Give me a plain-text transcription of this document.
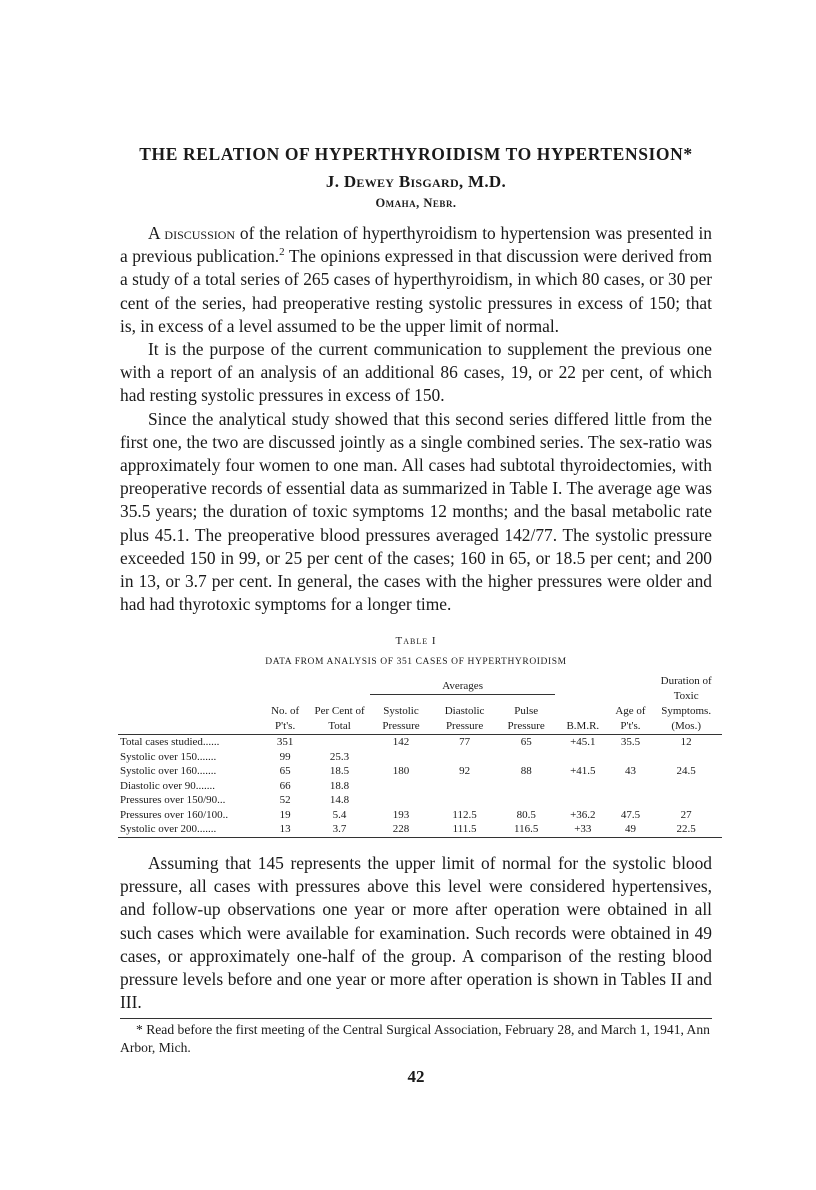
THE RELATION OF HYPERTHYROIDISM TO HYPERTENSION*
J. Dewey Bisgard, M.D.
Omaha, Nebr.

A discussion of the relation of hyperthyroidism to hypertension was presented in a previous publication.$^2$ The opinions expressed in that discussion were derived from a study of a total series of 265 cases of hyperthyroidism, in which 80 cases, or 30 per cent of the series, had preoperative resting systolic pressures in excess of 150; that is, in excess of a level assumed to be the upper limit of normal.

It is the purpose of the current communication to supplement the previous one with a report of an analysis of an additional 86 cases, 19, or 22 per cent, of which had resting systolic pressures in excess of 150.

Since the analytical study showed that this second series differed little from the first one, the two are discussed jointly as a single combined series. The sex-ratio was approximately four women to one man. All cases had subtotal thyroidectomies, with preoperative records of essential data as summarized in Table I. The average age was 35.5 years; the duration of toxic symptoms 12 months; and the basal metabolic rate plus 45.1. The preoperative blood pressures averaged 142/77. The systolic pressure exceeded 150 in 99, or 25 per cent of the cases; 160 in 65, or 18.5 per cent; and 200 in 13, or 3.7 per cent. In general, the cases with the higher pressures were older and had had thyrotoxic symptoms for a longer time.

Table I
DATA FROM ANALYSIS OF 351 CASES OF HYPERTHYROIDISM
			Averages					Duration of Toxic Symptoms. (Mos.)
	No. of P't's.	Per Cent of Total	Systolic Pressure	Diastolic Pressure	Pulse Pressure	B.M.R.	Age of P't's.	
Total cases studied......	351		142	77	65	+45.1	35.5	12
Systolic over 150.......	99	25.3						
Systolic over 160.......	65	18.5	180	92	88	+41.5	43	24.5
Diastolic over 90.......	66	18.8						
Pressures over 150/90...	52	14.8						
Pressures over 160/100..	19	5.4	193	112.5	80.5	+36.2	47.5	27
Systolic over 200.......	13	3.7	228	111.5	116.5	+33	49	22.5

Assuming that 145 represents the upper limit of normal for the systolic blood pressure, all cases with pressures above this level were considered hypertensives, and follow-up observations one year or more after operation were obtained in all such cases which were available for examination. Such records were obtained in 49 cases, or approximately one-half of the group. A comparison of the resting blood pressure levels before and one year or more after operation is shown in Tables II and III.

* Read before the first meeting of the Central Surgical Association, February 28, and March 1, 1941, Ann Arbor, Mich.
42
